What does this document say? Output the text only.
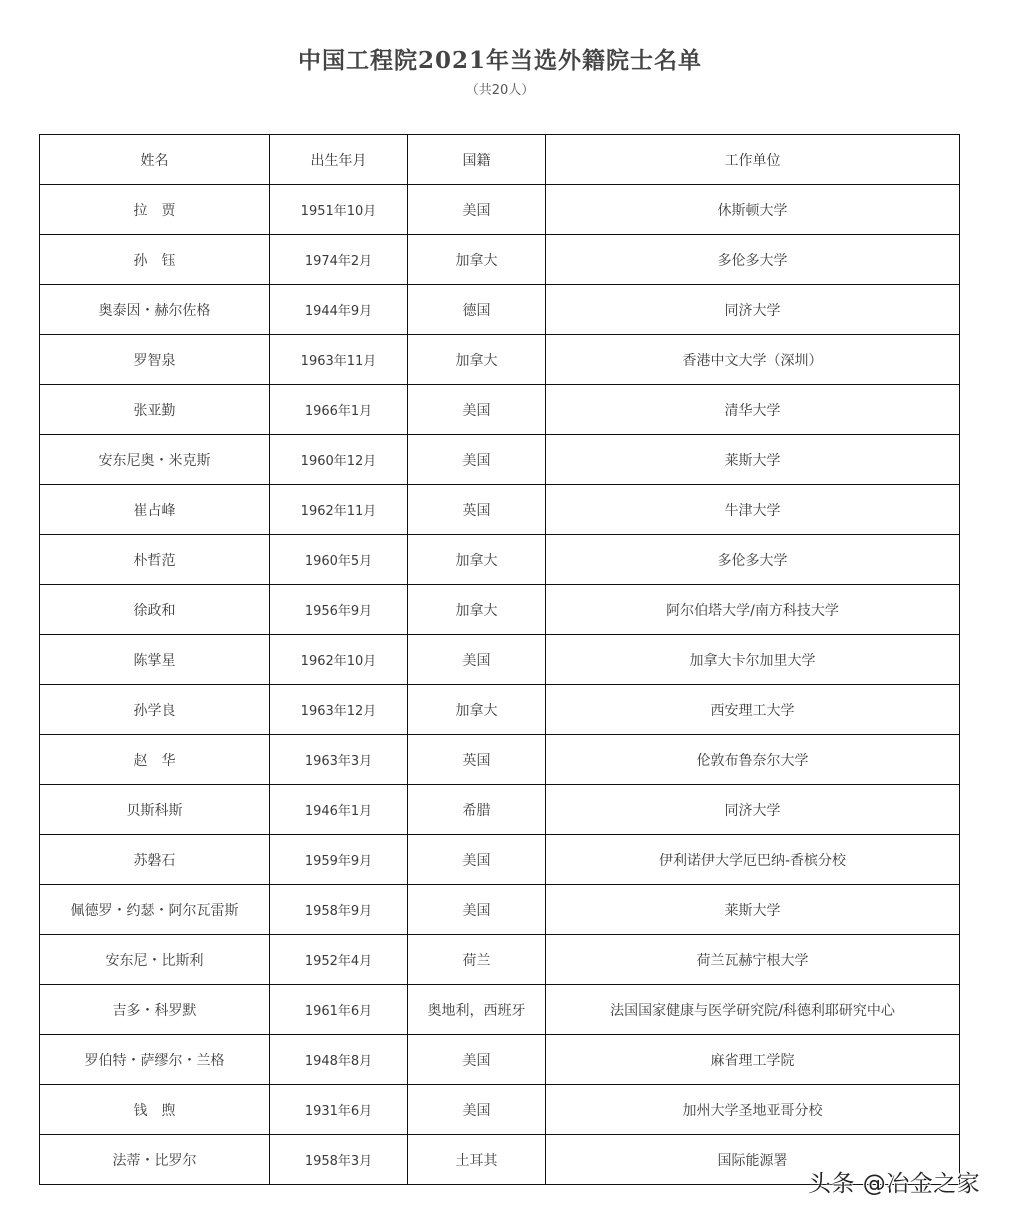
中国工程院2021年当选外籍院士名单
（共20人）
姓名	出生年月	国籍	工作单位
拉　贾	1951年10月	美国	休斯顿大学
孙　钰	1974年2月	加拿大	多伦多大学
奥泰因・赫尔佐格	1944年9月	德国	同济大学
罗智泉	1963年11月	加拿大	香港中文大学（深圳）
张亚勤	1966年1月	美国	清华大学
安东尼奥・米克斯	1960年12月	美国	莱斯大学
崔占峰	1962年11月	英国	牛津大学
朴哲范	1960年5月	加拿大	多伦多大学
徐政和	1956年9月	加拿大	阿尔伯塔大学/南方科技大学
陈掌星	1962年10月	美国	加拿大卡尔加里大学
孙学良	1963年12月	加拿大	西安理工大学
赵　华	1963年3月	英国	伦敦布鲁奈尔大学
贝斯科斯	1946年1月	希腊	同济大学
苏磐石	1959年9月	美国	伊利诺伊大学厄巴纳-香槟分校
佩德罗・约瑟・阿尔瓦雷斯	1958年9月	美国	莱斯大学
安东尼・比斯利	1952年4月	荷兰	荷兰瓦赫宁根大学
吉多・科罗默	1961年6月	奥地利，西班牙	法国国家健康与医学研究院/科德利耶研究中心
罗伯特・萨缪尔・兰格	1948年8月	美国	麻省理工学院
钱　煦	1931年6月	美国	加州大学圣地亚哥分校
法蒂・比罗尔	1958年3月	土耳其	国际能源署
头条 @冶金之家
